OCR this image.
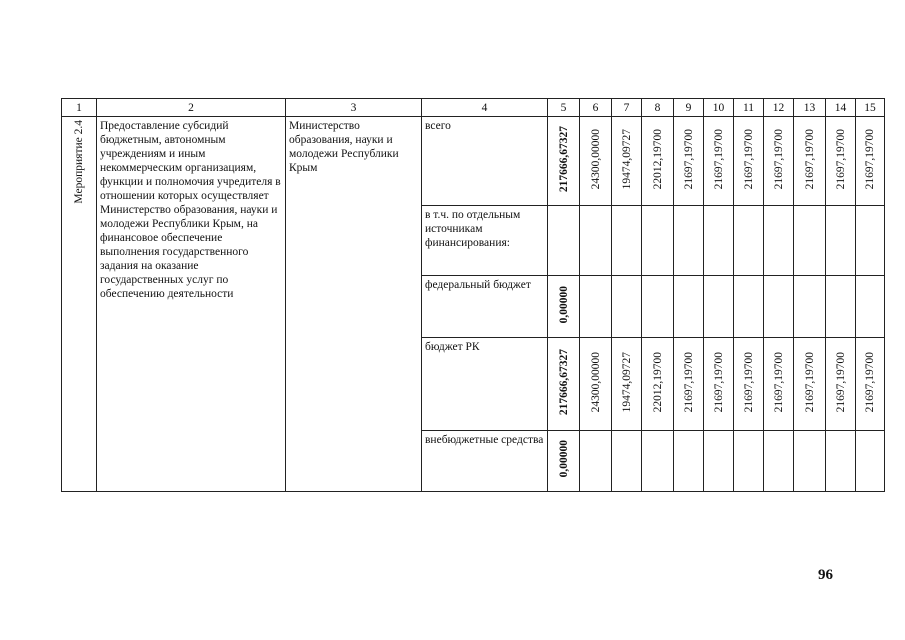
1	2	3	4	5	6	7	8	9	10	11	12	13	14	15
Мероприятие 2.4	Предоставление субсидий бюджетным, автономным учреждениям и иным некоммерческим организациям, функции и полномочия учредителя в отношении которых осуществляет Министерство образования, науки и молодежи Республики Крым, на финансовое обеспечение выполнения государственного задания на оказание государственных услуг по обеспечению деятельности	Министерство образования, науки и молодежи Республики Крым	всего	217666,67327	24300,00000	19474,09727	22012,19700	21697,19700	21697,19700	21697,19700	21697,19700	21697,19700	21697,19700	21697,19700
			в т.ч. по отдельным источникам финансирования:											
			федеральный бюджет	0,00000										
			бюджет РК	217666,67327	24300,00000	19474,09727	22012,19700	21697,19700	21697,19700	21697,19700	21697,19700	21697,19700	21697,19700	21697,19700
			внебюджетные средства	0,00000										
96
